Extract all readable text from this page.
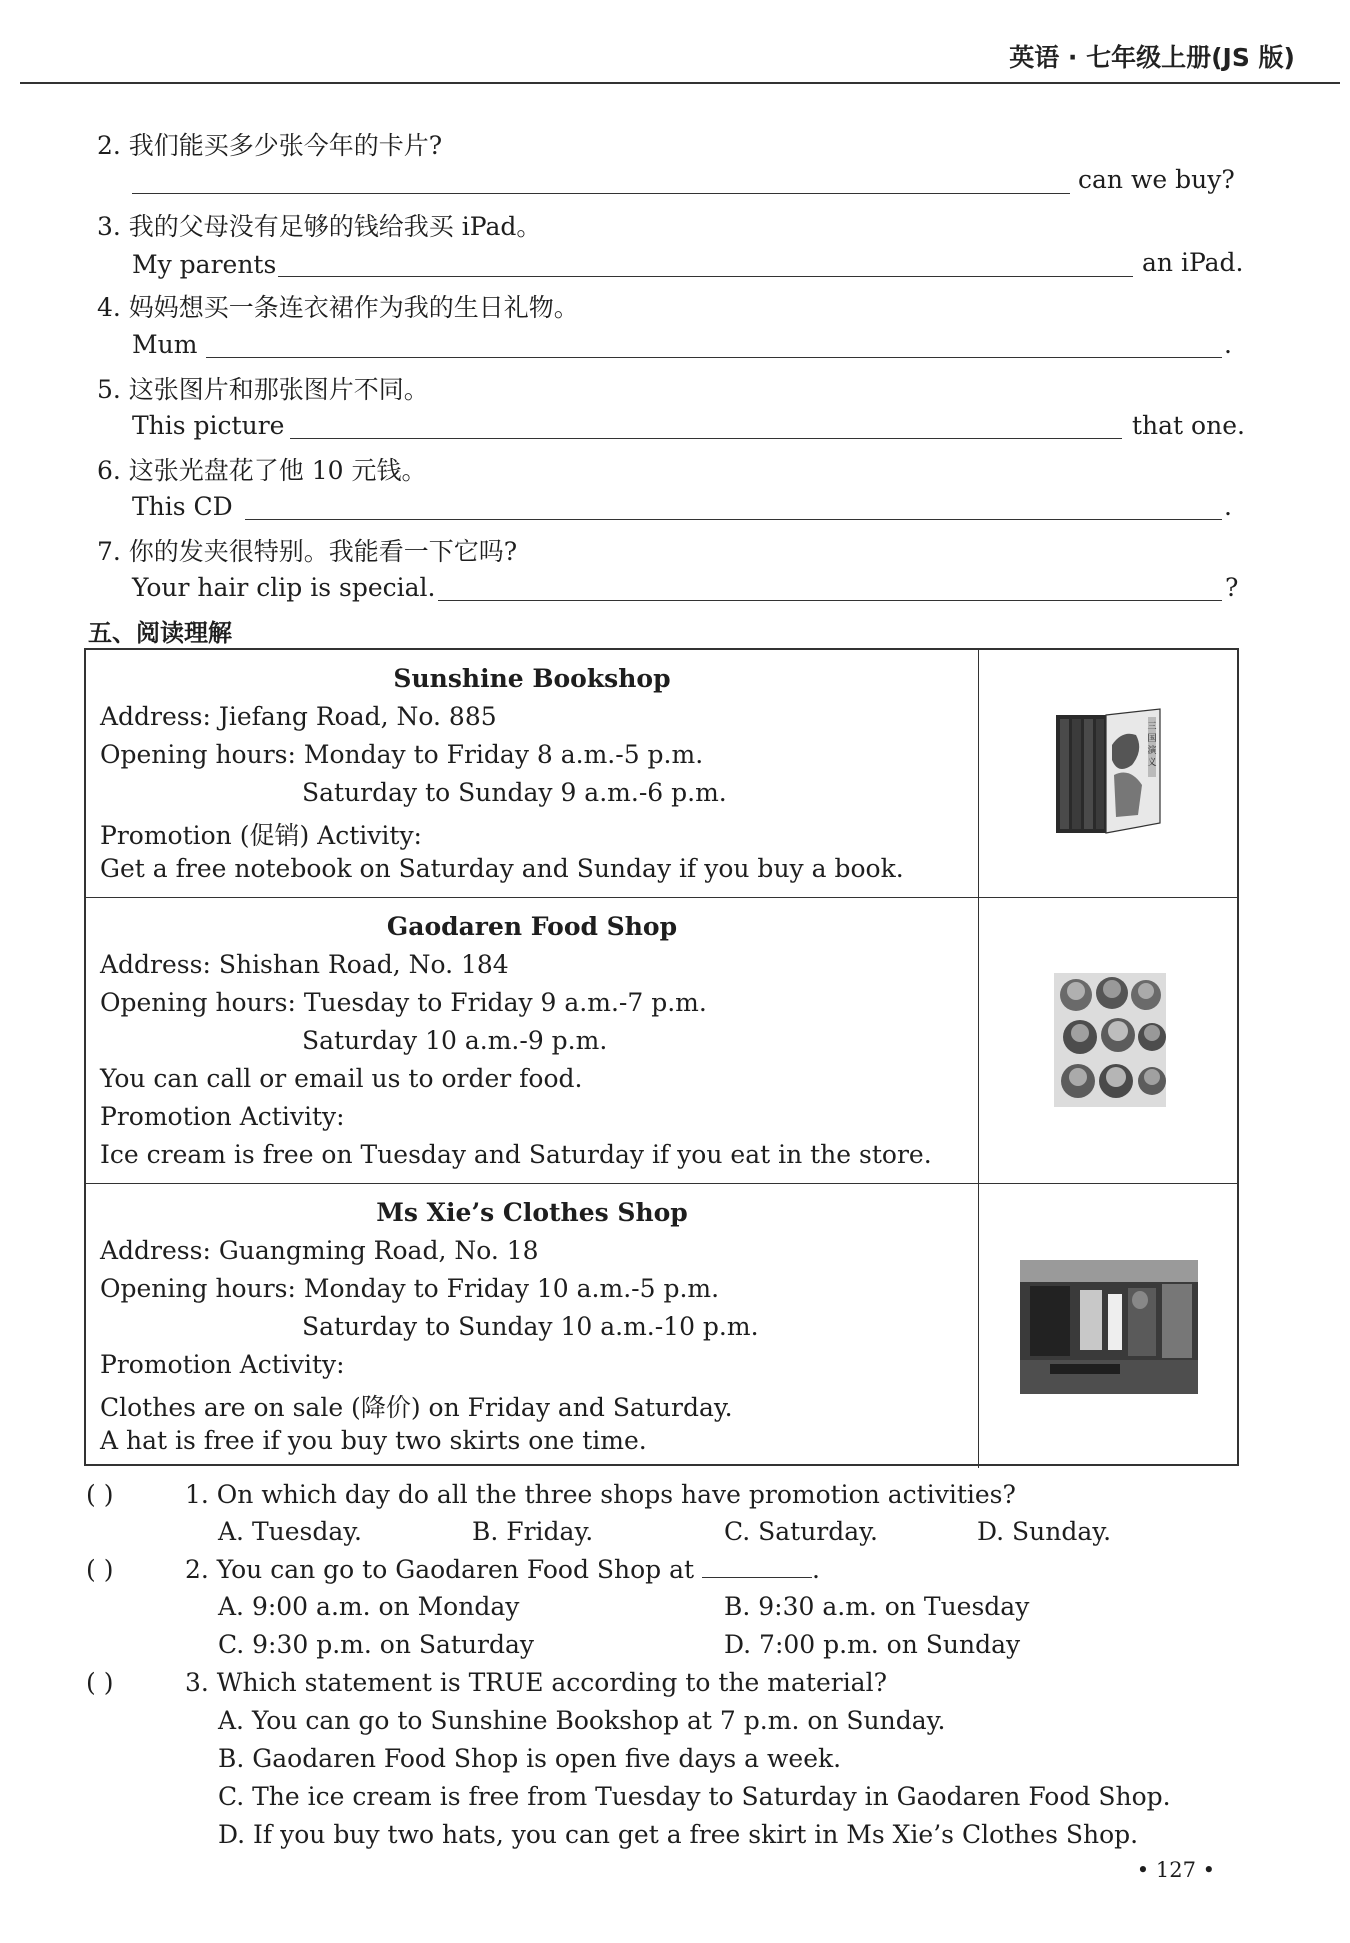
英语 · 七年级上册(JS 版)
2. 我们能买多少张今年的卡片?
can we buy?
3. 我的父母没有足够的钱给我买 iPad。
My parents	an iPad.
4. 妈妈想买一条连衣裙作为我的生日礼物。
Mum	.
5. 这张图片和那张图片不同。
This picture	that one.
6. 这张光盘花了他 10 元钱。
This CD	.
7. 你的发夹很特别。我能看一下它吗?
Your hair clip is special.	?
五、阅读理解
Sunshine Bookshop
Address: Jiefang Road, No. 885
Opening hours: Monday to Friday 8 a.m.-5 p.m.
Saturday to Sunday 9 a.m.-6 p.m.
Promotion (促销) Activity:
Get a free notebook on Saturday and Sunday if you buy a book.
三国演义
Gaodaren Food Shop
Address: Shishan Road, No. 184
Opening hours: Tuesday to Friday 9 a.m.-7 p.m.
Saturday 10 a.m.-9 p.m.
You can call or email us to order food.
Promotion Activity:
Ice cream is free on Tuesday and Saturday if you eat in the store.
Ms Xie’s Clothes Shop
Address: Guangming Road, No. 18
Opening hours: Monday to Friday 10 a.m.-5 p.m.
Saturday to Sunday 10 a.m.-10 p.m.
Promotion Activity:
Clothes are on sale (降价) on Friday and Saturday.
A hat is free if you buy two skirts one time.
( )	1. On which day do all the three shops have promotion activities?
A. Tuesday.	B. Friday.	C. Saturday.	D. Sunday.
( )	2. You can go to Gaodaren Food Shop at	.
A. 9:00 a.m. on Monday	B. 9:30 a.m. on Tuesday
C. 9:30 p.m. on Saturday	D. 7:00 p.m. on Sunday
( )	3. Which statement is TRUE according to the material?
A. You can go to Sunshine Bookshop at 7 p.m. on Sunday.
B. Gaodaren Food Shop is open five days a week.
C. The ice cream is free from Tuesday to Saturday in Gaodaren Food Shop.
D. If you buy two hats, you can get a free skirt in Ms Xie’s Clothes Shop.
• 127 •
